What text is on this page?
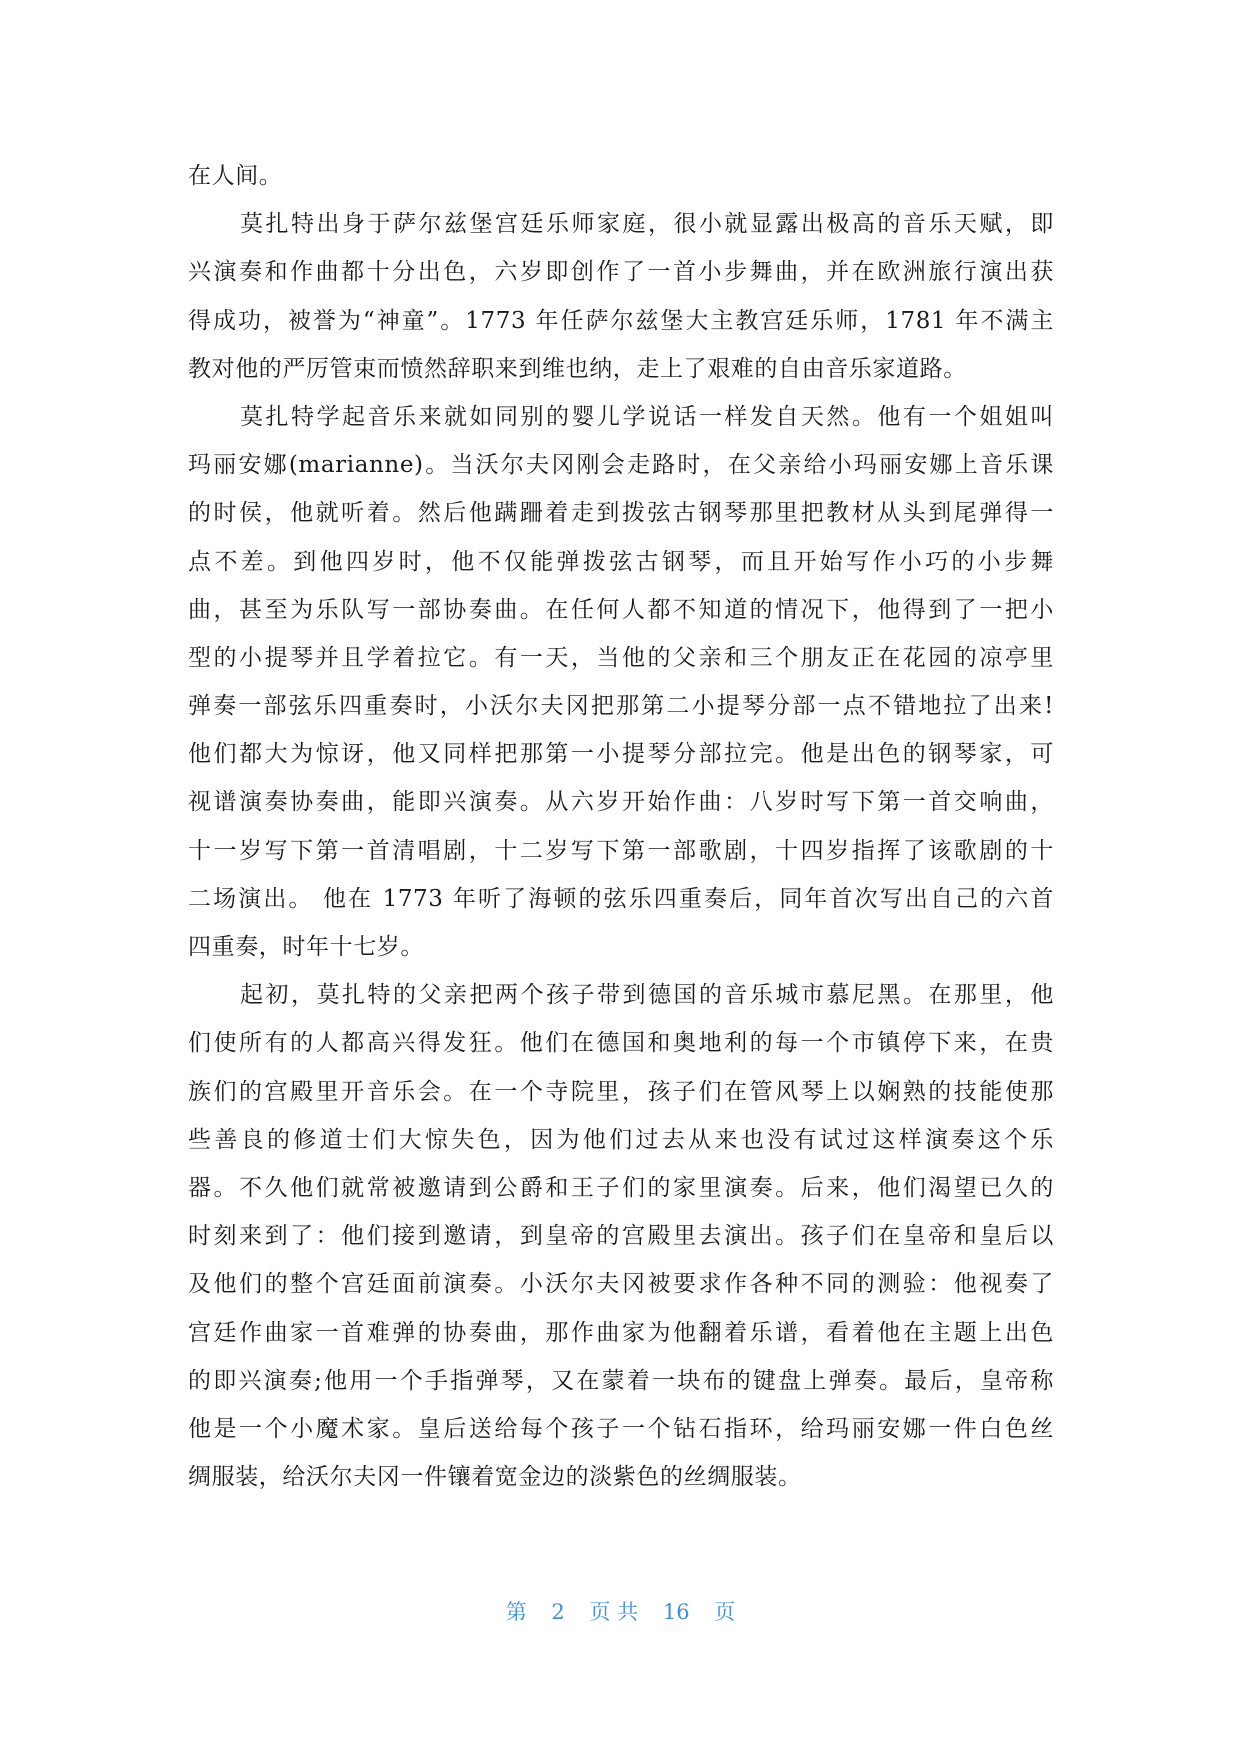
在人间。
莫扎特出身于萨尔兹堡宫廷乐师家庭，很小就显露出极高的音乐天赋，即
兴演奏和作曲都十分出色，六岁即创作了一首小步舞曲，并在欧洲旅行演出获
得成功，被誉为“神童”。1773 年任萨尔兹堡大主教宫廷乐师，1781 年不满主
教对他的严厉管束而愤然辞职来到维也纳，走上了艰难的自由音乐家道路。
莫扎特学起音乐来就如同别的婴儿学说话一样发自天然。他有一个姐姐叫
玛丽安娜(marianne)。当沃尔夫冈刚会走路时，在父亲给小玛丽安娜上音乐课
的时侯，他就听着。然后他蹒跚着走到拨弦古钢琴那里把教材从头到尾弹得一
点不差。到他四岁时，他不仅能弹拨弦古钢琴，而且开始写作小巧的小步舞
曲，甚至为乐队写一部协奏曲。在任何人都不知道的情况下，他得到了一把小
型的小提琴并且学着拉它。有一天，当他的父亲和三个朋友正在花园的凉亭里
弹奏一部弦乐四重奏时，小沃尔夫冈把那第二小提琴分部一点不错地拉了出来!
他们都大为惊讶，他又同样把那第一小提琴分部拉完。他是出色的钢琴家，可
视谱演奏协奏曲，能即兴演奏。从六岁开始作曲：八岁时写下第一首交响曲，
十一岁写下第一首清唱剧，十二岁写下第一部歌剧，十四岁指挥了该歌剧的十
二场演出。 他在 1773 年听了海顿的弦乐四重奏后，同年首次写出自己的六首
四重奏，时年十七岁。
起初，莫扎特的父亲把两个孩子带到德国的音乐城市慕尼黑。在那里，他
们使所有的人都高兴得发狂。他们在德国和奥地利的每一个市镇停下来，在贵
族们的宫殿里开音乐会。在一个寺院里，孩子们在管风琴上以娴熟的技能使那
些善良的修道士们大惊失色，因为他们过去从来也没有试过这样演奏这个乐
器。不久他们就常被邀请到公爵和王子们的家里演奏。后来，他们渴望已久的
时刻来到了：他们接到邀请，到皇帝的宫殿里去演出。孩子们在皇帝和皇后以
及他们的整个宫廷面前演奏。小沃尔夫冈被要求作各种不同的测验：他视奏了
宫廷作曲家一首难弹的协奏曲，那作曲家为他翻着乐谱，看着他在主题上出色
的即兴演奏;他用一个手指弹琴，又在蒙着一块布的键盘上弹奏。最后，皇帝称
他是一个小魔术家。皇后送给每个孩子一个钻石指环，给玛丽安娜一件白色丝
绸服装，给沃尔夫冈一件镶着宽金边的淡紫色的丝绸服装。
第 2 页 共 16 页
